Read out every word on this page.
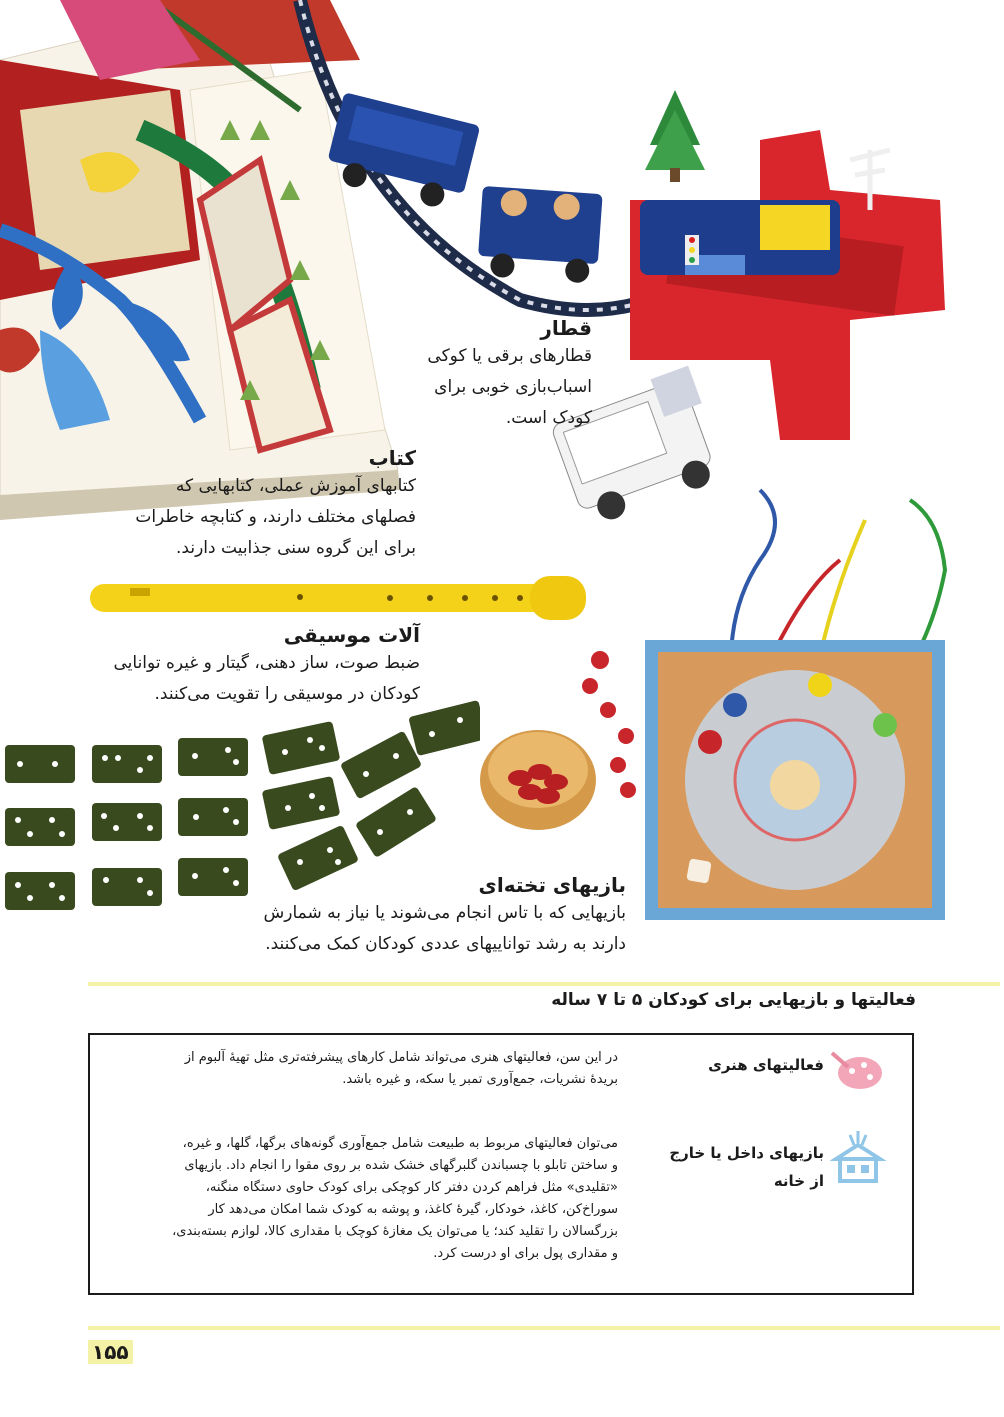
قطار
قطارهای برقی یا کوکی
اسباب‌بازی خوبی برای
کودک است.
کتاب
کتابهای آموزش عملی، کتابهایی که
فصلهای مختلف دارند، و کتابچه خاطرات
برای این گروه سنی جذابیت دارند.
آلات موسیقی
ضبط صوت، ساز دهنی، گیتار و غیره توانایی
کودکان در موسیقی را تقویت می‌کنند.
بازیهای تخته‌ای
بازیهایی که با تاس انجام می‌شوند یا نیاز به شمارش
دارند به رشد تواناییهای عددی کودکان کمک می‌کنند.
فعالیتها و بازیهایی برای کودکان ۵ تا ۷ ساله
فعالیتهای هنری
در این سن، فعالیتهای هنری می‌تواند شامل کارهای پیشرفته‌تری مثل تهیهٔ آلبوم از
بریدهٔ نشریات، جمع‌آوری تمبر یا سکه، و غیره باشد.
بازیهای داخل یا خارج
از خانه
می‌توان فعالیتهای مربوط به طبیعت شامل جمع‌آوری گونه‌های برگها، گلها، و غیره،
و ساختن تابلو با چسباندن گلبرگهای خشک شده بر روی مقوا را انجام داد. بازیهای
«تقلیدی» مثل فراهم کردن دفتر کار کوچکی برای کودک حاوی دستگاه منگنه،
سوراخ‌کن، کاغذ، خودکار، گیرهٔ کاغذ، و پوشه به کودک شما امکان می‌دهد کار
بزرگسالان را تقلید کند؛ یا می‌توان یک مغازهٔ کوچک با مقداری کالا، لوازم بسته‌بندی،
و مقداری پول برای او درست کرد.
۱۵۵
